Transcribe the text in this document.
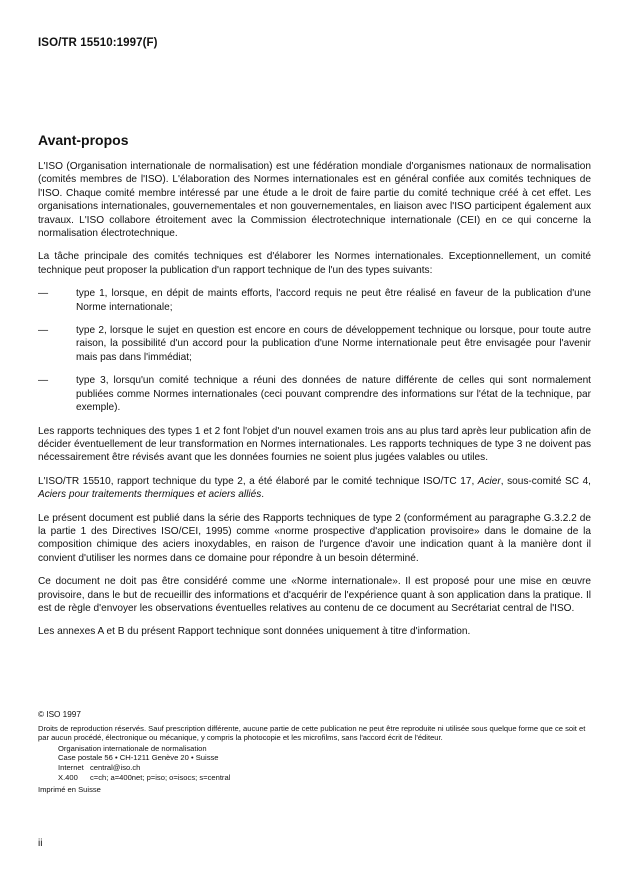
ISO/TR 15510:1997(F)
Avant-propos

L'ISO (Organisation internationale de normalisation) est une fédération mondiale d'organismes nationaux de normalisation (comités membres de l'ISO). L'élaboration des Normes internationales est en général confiée aux comités techniques de l'ISO. Chaque comité membre intéressé par une étude a le droit de faire partie du comité technique créé à cet effet. Les organisations internationales, gouvernementales et non gouvernementales, en liaison avec l'ISO participent également aux travaux. L'ISO collabore étroitement avec la Commission électrotechnique internationale (CEI) en ce qui concerne la normalisation électrotechnique.

La tâche principale des comités techniques est d'élaborer les Normes internationales. Exceptionnellement, un comité technique peut proposer la publication d'un rapport technique de l'un des types suivants:

—	type 1, lorsque, en dépit de maints efforts, l'accord requis ne peut être réalisé en faveur de la publication d'une Norme internationale;
—	type 2, lorsque le sujet en question est encore en cours de développement technique ou lorsque, pour toute autre raison, la possibilité d'un accord pour la publication d'une Norme internationale peut être envisagée pour l'avenir mais pas dans l'immédiat;
—	type 3, lorsqu'un comité technique a réuni des données de nature différente de celles qui sont normalement publiées comme Normes internationales (ceci pouvant comprendre des informations sur l'état de la technique, par exemple).

Les rapports techniques des types 1 et 2 font l'objet d'un nouvel examen trois ans au plus tard après leur publication afin de décider éventuellement de leur transformation en Normes internationales. Les rapports techniques de type 3 ne doivent pas nécessairement être révisés avant que les données fournies ne soient plus jugées valables ou utiles.

L'ISO/TR 15510, rapport technique du type 2, a été élaboré par le comité technique ISO/TC 17, Acier, sous-comité SC 4, Aciers pour traitements thermiques et aciers alliés.

Le présent document est publié dans la série des Rapports techniques de type 2 (conformément au paragraphe G.3.2.2 de la partie 1 des Directives ISO/CEI, 1995) comme «norme prospective d'application provisoire» dans le domaine de la composition chimique des aciers inoxydables, en raison de l'urgence d'avoir une indication quant à la manière dont il convient d'utiliser les normes dans ce domaine pour répondre à un besoin déterminé.

Ce document ne doit pas être considéré comme une «Norme internationale». Il est proposé pour une mise en œuvre provisoire, dans le but de recueillir des informations et d'acquérir de l'expérience quant à son application dans la pratique. Il est de règle d'envoyer les observations éventuelles relatives au contenu de ce document au Secrétariat central de l'ISO.

Les annexes A et B du présent Rapport technique sont données uniquement à titre d'information.

© ISO 1997
Droits de reproduction réservés. Sauf prescription différente, aucune partie de cette publication ne peut être reproduite ni utilisée sous quelque forme que ce soit et par aucun procédé, électronique ou mécanique, y compris la photocopie et les microfilms, sans l'accord écrit de l'éditeur.
Organisation internationale de normalisation
Case postale 56 • CH-1211 Genève 20 • Suisse
Internet central@iso.ch
X.400	c=ch; a=400net; p=iso; o=isocs; s=central
Imprimé en Suisse
ii
